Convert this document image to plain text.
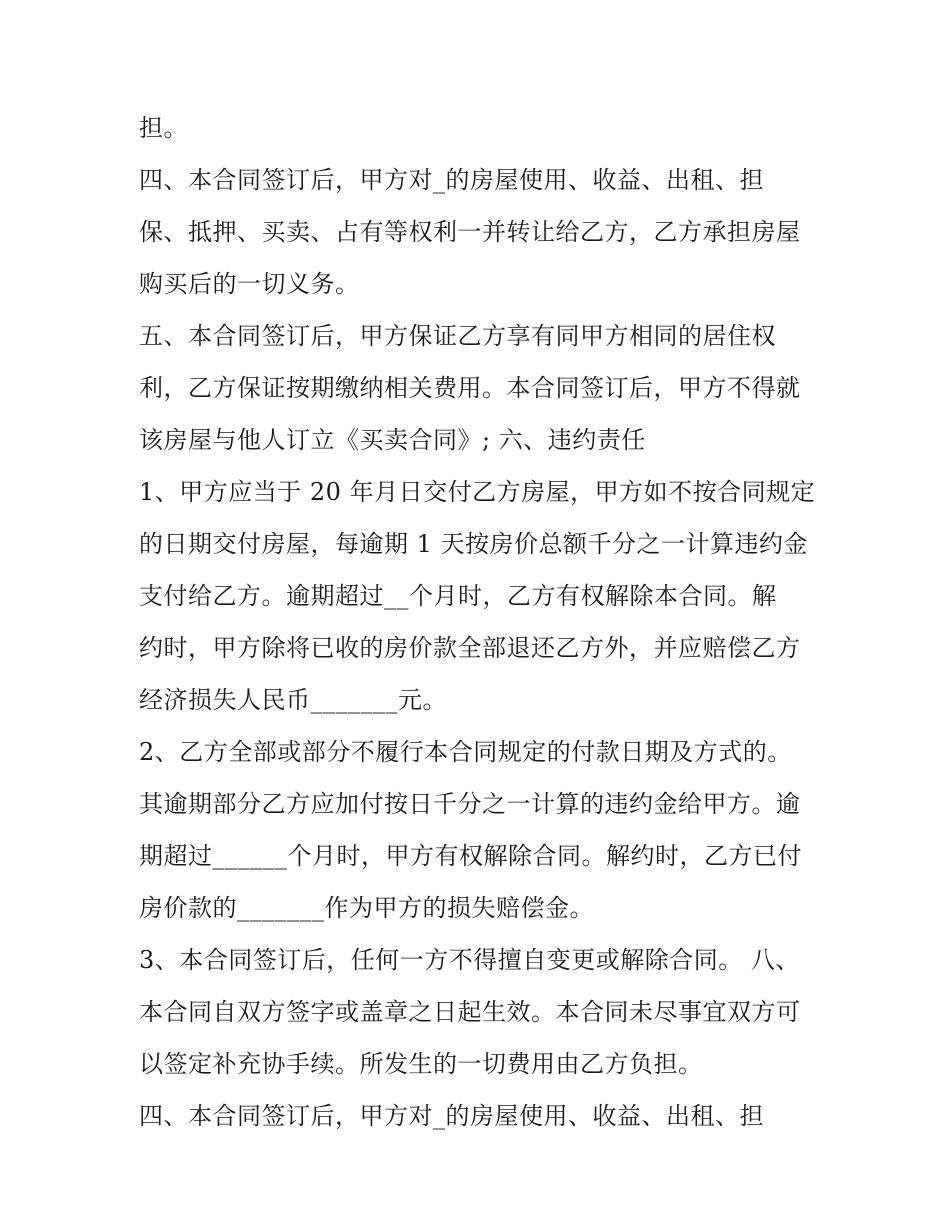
担。
四、本合同签订后，甲方对_的房屋使用、收益、出租、担
保、抵押、买卖、占有等权利一并转让给乙方，乙方承担房屋
购买后的一切义务。
五、本合同签订后，甲方保证乙方享有同甲方相同的居住权
利，乙方保证按期缴纳相关费用。本合同签订后，甲方不得就
该房屋与他人订立《买卖合同》; 六、违约责任
1、甲方应当于 20 年月日交付乙方房屋，甲方如不按合同规定
的日期交付房屋，每逾期 1 天按房价总额千分之一计算违约金
支付给乙方。逾期超过__个月时，乙方有权解除本合同。解
约时，甲方除将已收的房价款全部退还乙方外，并应赔偿乙方
经济损失人民币_______元。
2、乙方全部或部分不履行本合同规定的付款日期及方式的。
其逾期部分乙方应加付按日千分之一计算的违约金给甲方。逾
期超过______个月时，甲方有权解除合同。解约时，乙方已付
房价款的_______作为甲方的损失赔偿金。
3、本合同签订后，任何一方不得擅自变更或解除合同。 八、
本合同自双方签字或盖章之日起生效。本合同未尽事宜双方可
以签定补充协手续。所发生的一切费用由乙方负担。
四、本合同签订后，甲方对_的房屋使用、收益、出租、担
